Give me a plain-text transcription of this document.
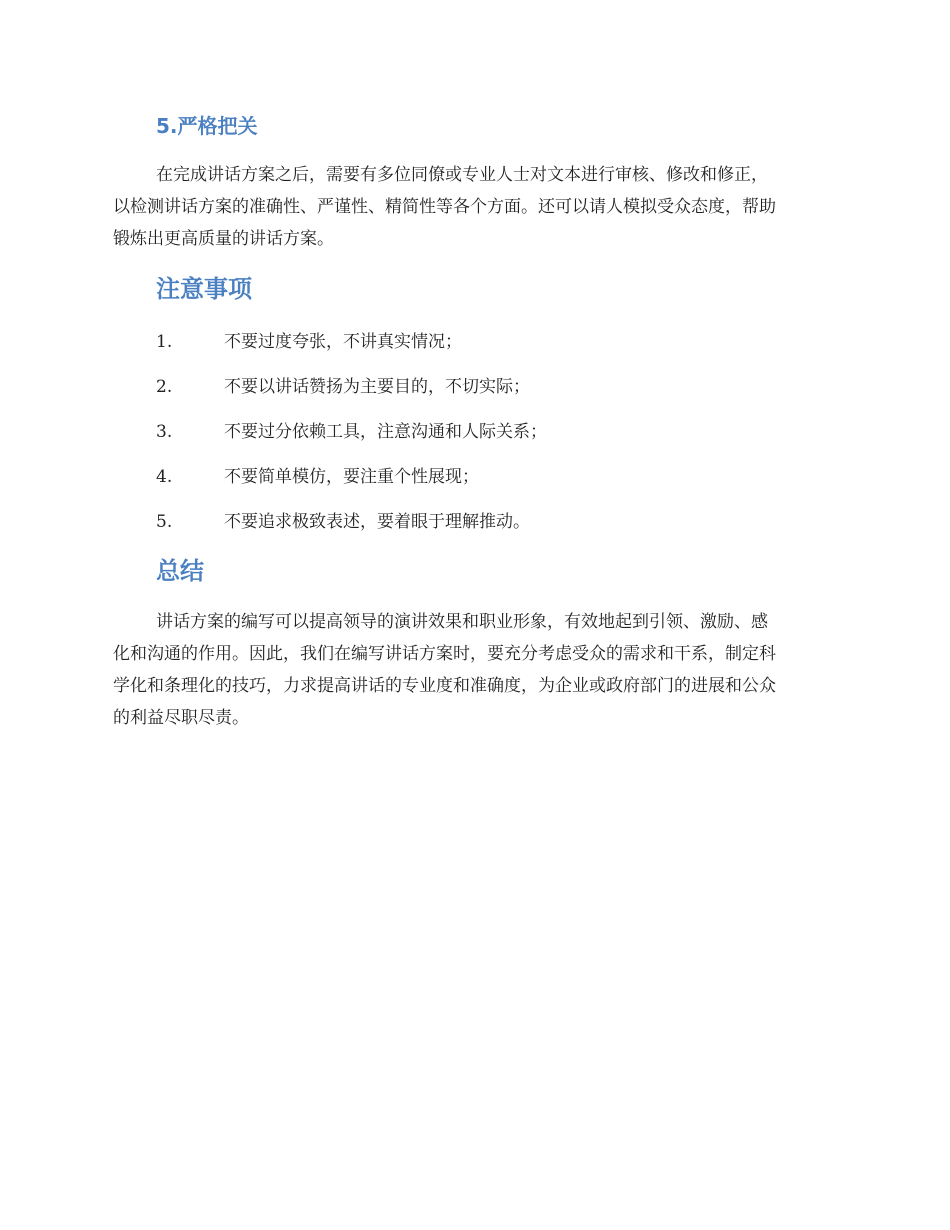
5.严格把关
在完成讲话方案之后，需要有多位同僚或专业人士对文本进行审核、修改和修正，
以检测讲话方案的准确性、严谨性、精简性等各个方面。还可以请人模拟受众态度，帮助
锻炼出更高质量的讲话方案。
注意事项
1.	不要过度夸张，不讲真实情况；
2.	不要以讲话赞扬为主要目的，不切实际；
3.	不要过分依赖工具，注意沟通和人际关系；
4.	不要简单模仿，要注重个性展现；
5.	不要追求极致表述，要着眼于理解推动。
总结
讲话方案的编写可以提高领导的演讲效果和职业形象，有效地起到引领、激励、感
化和沟通的作用。因此，我们在编写讲话方案时，要充分考虑受众的需求和干系，制定科
学化和条理化的技巧，力求提高讲话的专业度和准确度，为企业或政府部门的进展和公众
的利益尽职尽责。
